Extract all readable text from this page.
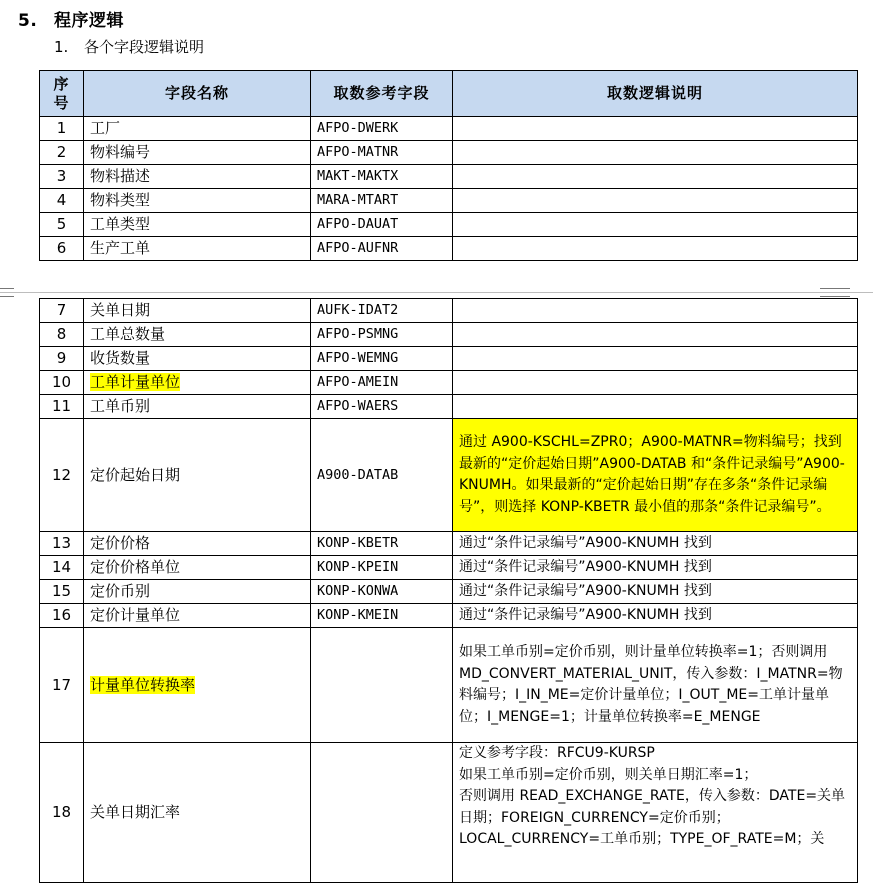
5. 程序逻辑
1. 各个字段逻辑说明
序号	字段名称	取数参考字段	取数逻辑说明
1	工厂	AFPO-DWERK	
2	物料编号	AFPO-MATNR	
3	物料描述	MAKT-MAKTX	
4	物料类型	MARA-MTART	
5	工单类型	AFPO-DAUAT	
6	生产工单	AFPO-AUFNR	
7	关单日期	AUFK-IDAT2	
8	工单总数量	AFPO-PSMNG	
9	收货数量	AFPO-WEMNG	
10	工单计量单位	AFPO-AMEIN	
11	工单币别	AFPO-WAERS	
12	定价起始日期	A900-DATAB	通过 A900-KSCHL=ZPR0；A900-MATNR=物料编号；找到最新的“定价起始日期”A900-DATAB 和“条件记录编号”A900-KNUMH。如果最新的“定价起始日期”存在多条“条件记录编号”，则选择 KONP-KBETR 最小值的那条“条件记录编号”。
13	定价价格	KONP-KBETR	通过“条件记录编号”A900-KNUMH 找到
14	定价价格单位	KONP-KPEIN	通过“条件记录编号”A900-KNUMH 找到
15	定价币别	KONP-KONWA	通过“条件记录编号”A900-KNUMH 找到
16	定价计量单位	KONP-KMEIN	通过“条件记录编号”A900-KNUMH 找到
17	计量单位转换率		如果工单币别=定价币别，则计量单位转换率=1；否则调用 MD_CONVERT_MATERIAL_UNIT，传入参数：I_MATNR=物料编号；I_IN_ME=定价计量单位；I_OUT_ME=工单计量单位；I_MENGE=1；计量单位转换率=E_MENGE
18	关单日期汇率		定义参考字段：RFCU9-KURSP
如果工单币别=定价币别，则关单日期汇率=1；
否则调用 READ_EXCHANGE_RATE，传入参数：DATE=关单日期；FOREIGN_CURRENCY=定价币别；LOCAL_CURRENCY=工单币别；TYPE_OF_RATE=M；关
